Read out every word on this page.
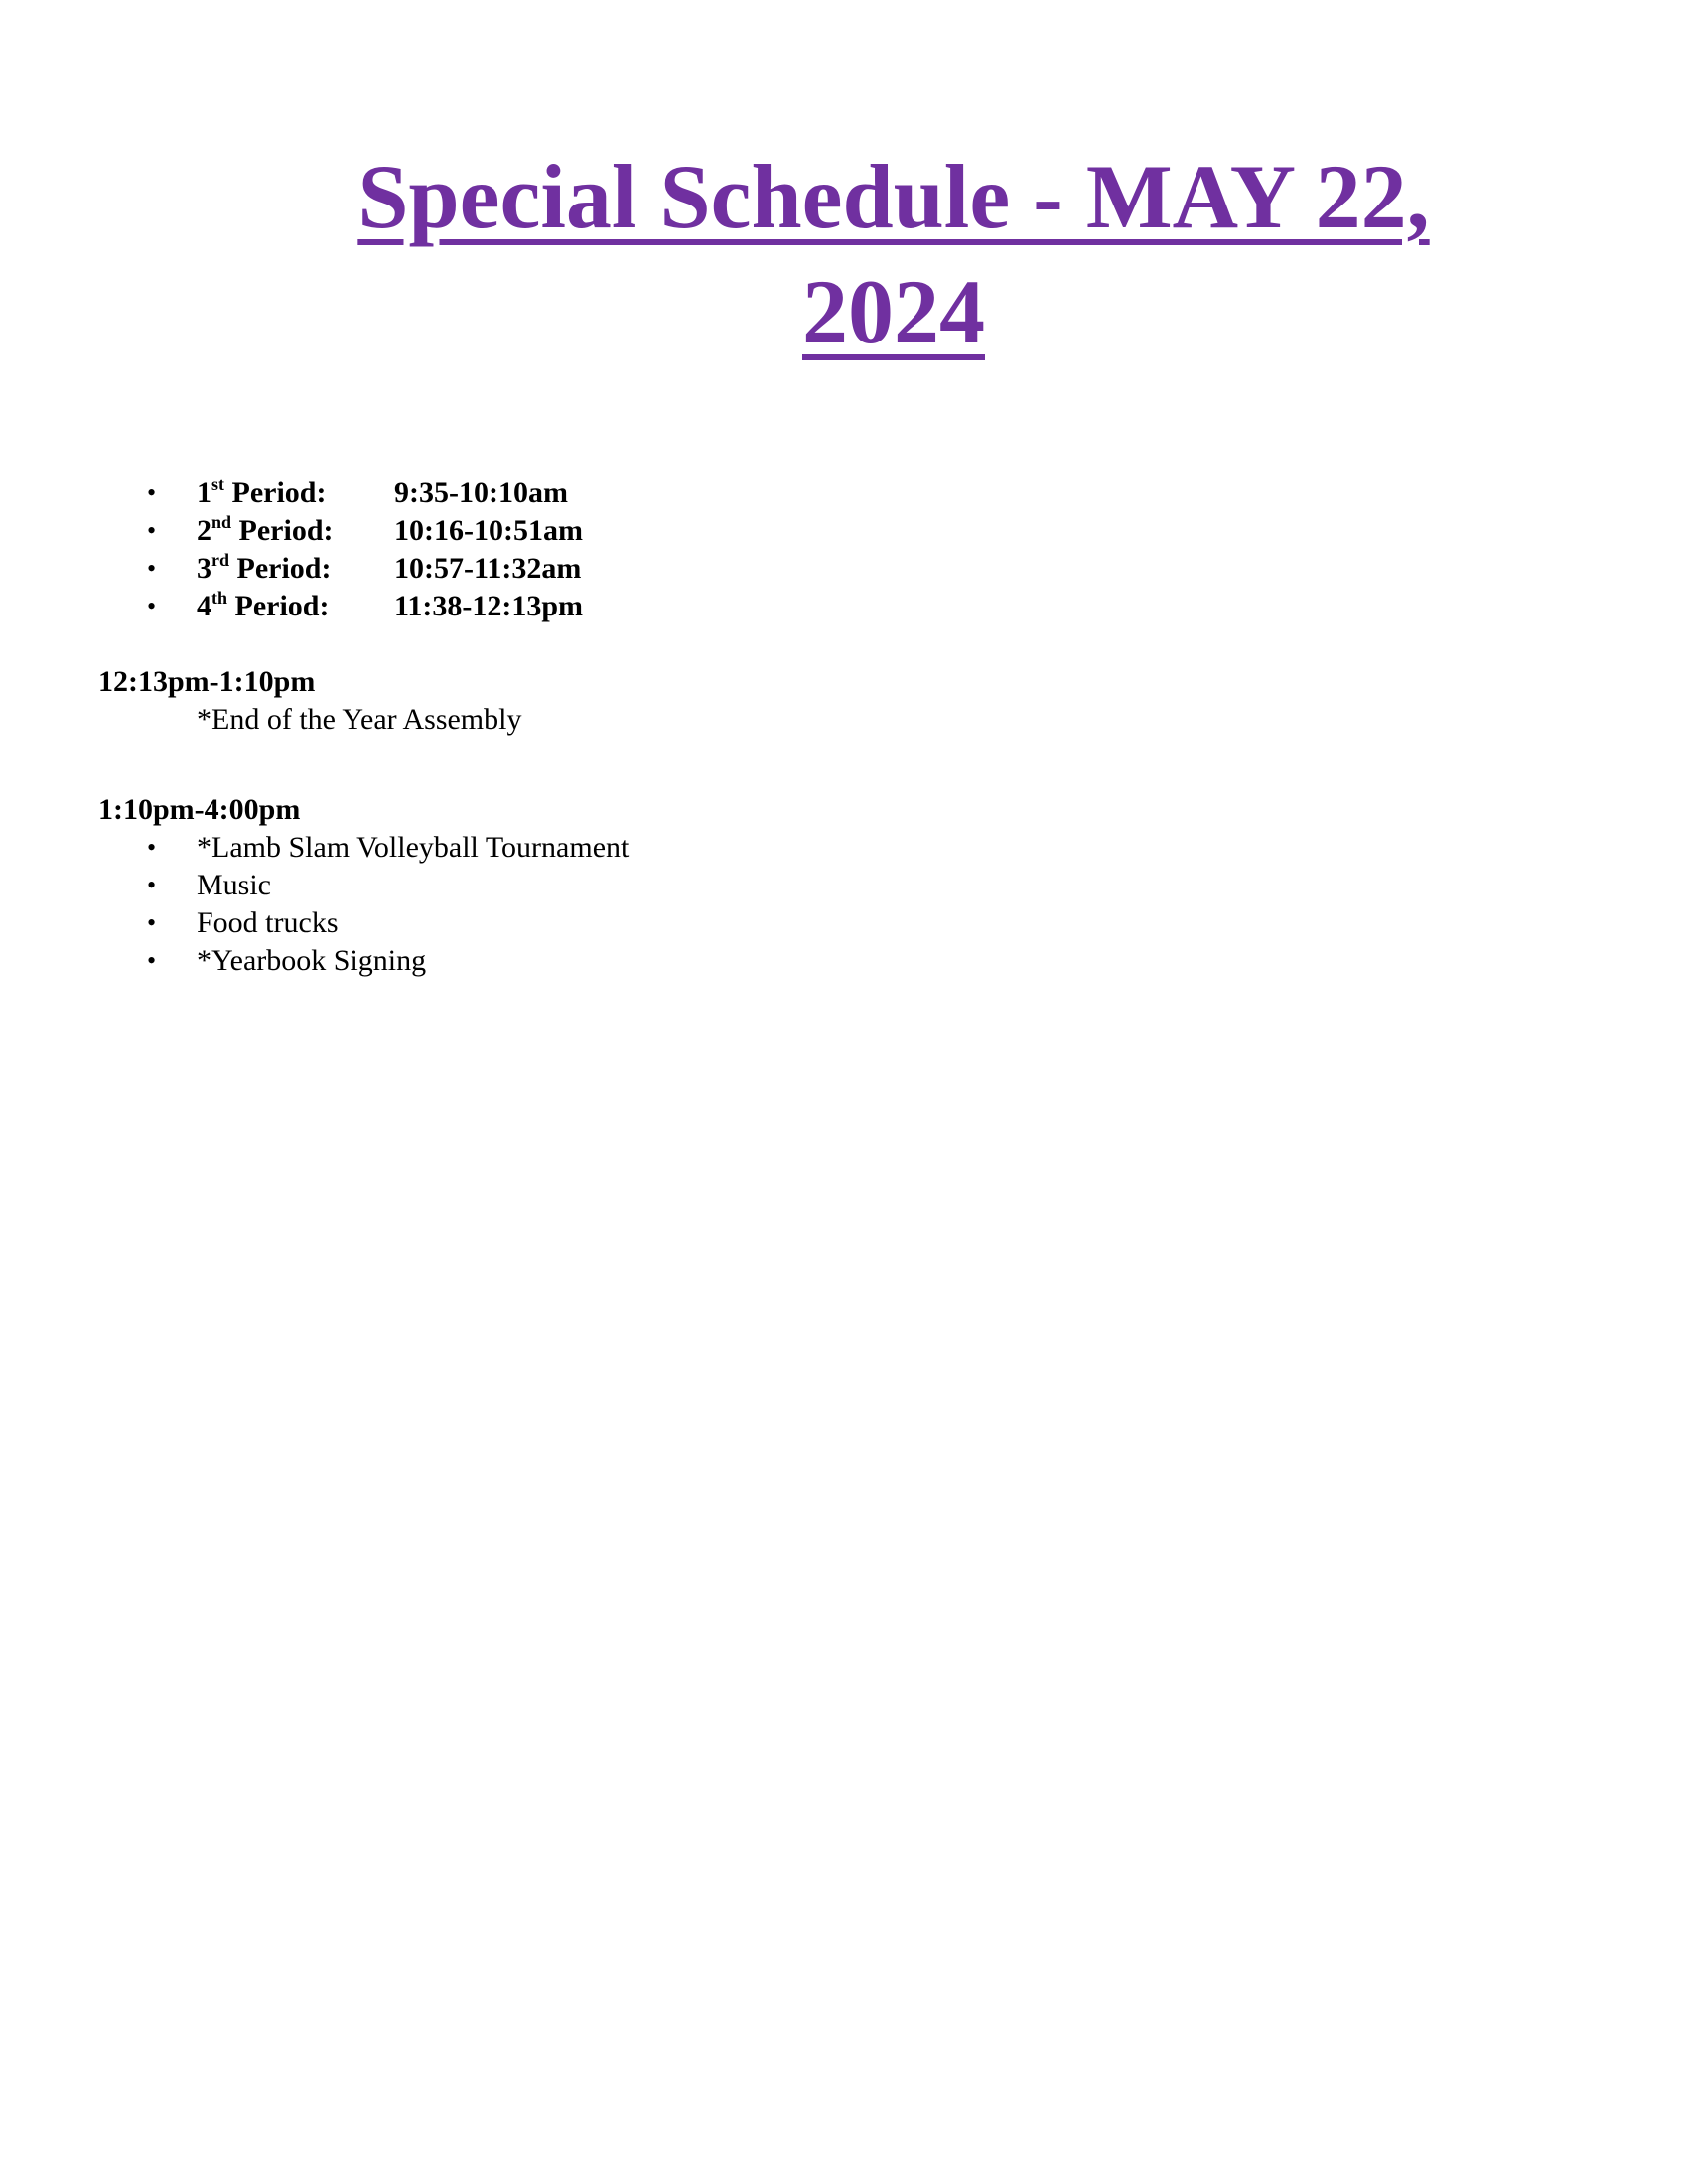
Special Schedule - MAY 22,
2024
• 1st Period: 9:35-10:10am
• 2nd Period: 10:16-10:51am
• 3rd Period: 10:57-11:32am
• 4th Period: 11:38-12:13pm
12:13pm-1:10pm
*End of the Year Assembly
1:10pm-4:00pm
• *Lamb Slam Volleyball Tournament
• Music
• Food trucks
• *Yearbook Signing
